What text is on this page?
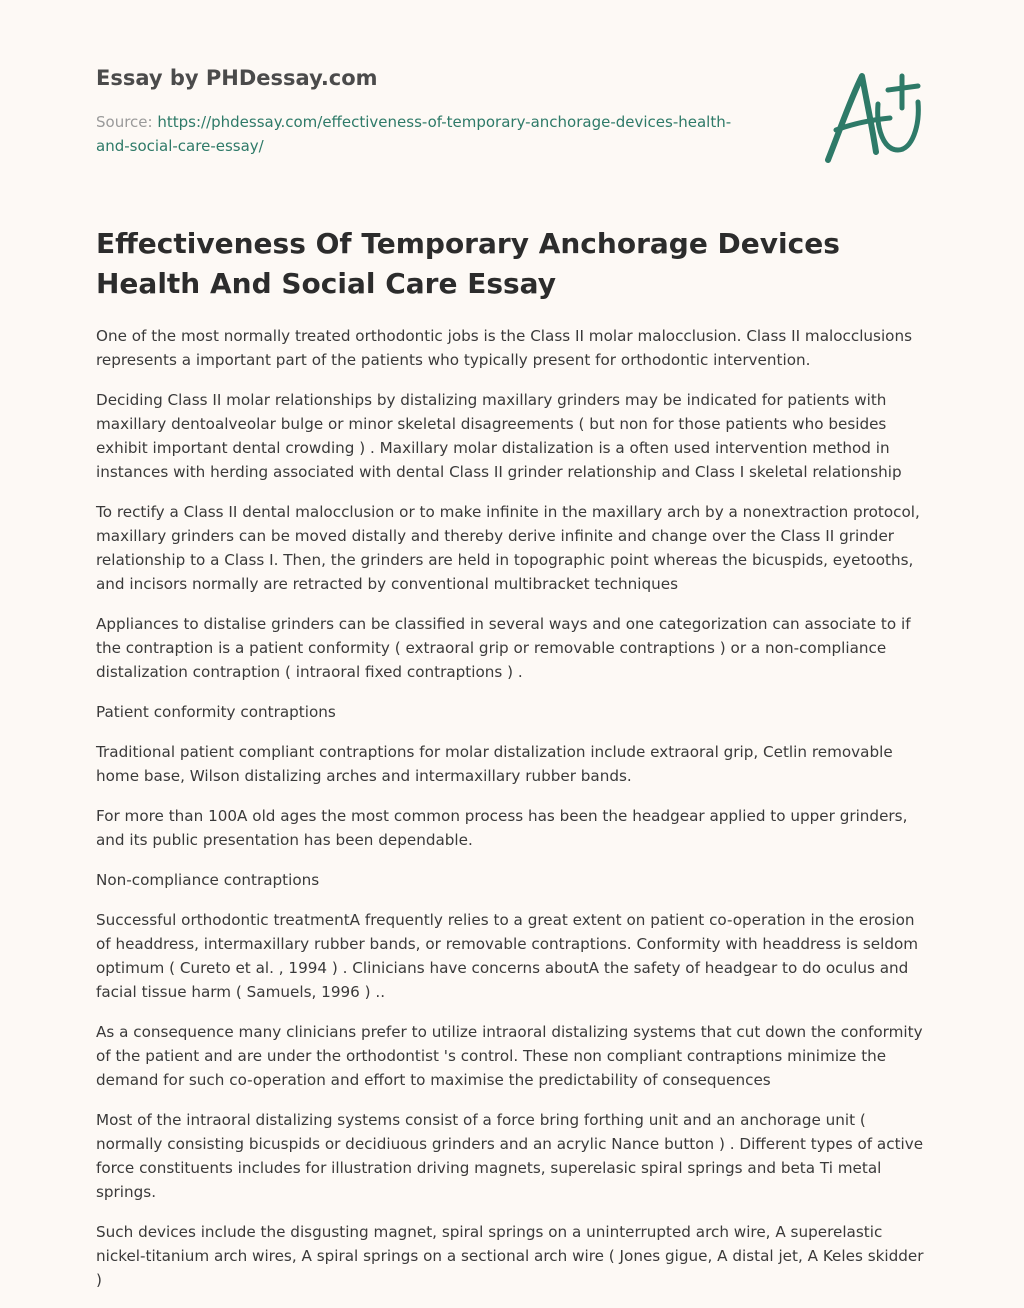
Essay by PHDessay.com
Source: https://phdessay.com/effectiveness-of-temporary-anchorage-devices-health-and-social-care-essay/
Effectiveness Of Temporary Anchorage Devices Health And Social Care Essay

One of the most normally treated orthodontic jobs is the Class II molar malocclusion. Class II malocclusions represents a important part of the patients who typically present for orthodontic intervention.

Deciding Class II molar relationships by distalizing maxillary grinders may be indicated for patients with maxillary dentoalveolar bulge or minor skeletal disagreements ( but non for those patients who besides exhibit important dental crowding ) . Maxillary molar distalization is a often used intervention method in instances with herding associated with dental Class II grinder relationship and Class I skeletal relationship

To rectify a Class II dental malocclusion or to make infinite in the maxillary arch by a nonextraction protocol, maxillary grinders can be moved distally and thereby derive infinite and change over the Class II grinder relationship to a Class I. Then, the grinders are held in topographic point whereas the bicuspids, eyetooths, and incisors normally are retracted by conventional multibracket techniques

Appliances to distalise grinders can be classified in several ways and one categorization can associate to if the contraption is a patient conformity ( extraoral grip or removable contraptions ) or a non-compliance distalization contraption ( intraoral fixed contraptions ) .

Patient conformity contraptions

Traditional patient compliant contraptions for molar distalization include extraoral grip, Cetlin removable home base, Wilson distalizing arches and intermaxillary rubber bands.

For more than 100A old ages the most common process has been the headgear applied to upper grinders, and its public presentation has been dependable.

Non-compliance contraptions

Successful orthodontic treatmentA frequently relies to a great extent on patient co-operation in the erosion of headdress, intermaxillary rubber bands, or removable contraptions. Conformity with headdress is seldom optimum ( Cureto et al. , 1994 ) . Clinicians have concerns aboutA the safety of headgear to do oculus and facial tissue harm ( Samuels, 1996 ) ..

As a consequence many clinicians prefer to utilize intraoral distalizing systems that cut down the conformity of the patient and are under the orthodontist 's control. These non compliant contraptions minimize the demand for such co-operation and effort to maximise the predictability of consequences

Most of the intraoral distalizing systems consist of a force bring forthing unit and an anchorage unit ( normally consisting bicuspids or decidiuous grinders and an acrylic Nance button ) . Different types of active force constituents includes for illustration driving magnets, superelasic spiral springs and beta Ti metal springs.

Such devices include the disgusting magnet, spiral springs on a uninterrupted arch wire, A superelastic nickel-titanium arch wires, A spiral springs on a sectional arch wire ( Jones gigue, A distal jet, A Keles skidder )
